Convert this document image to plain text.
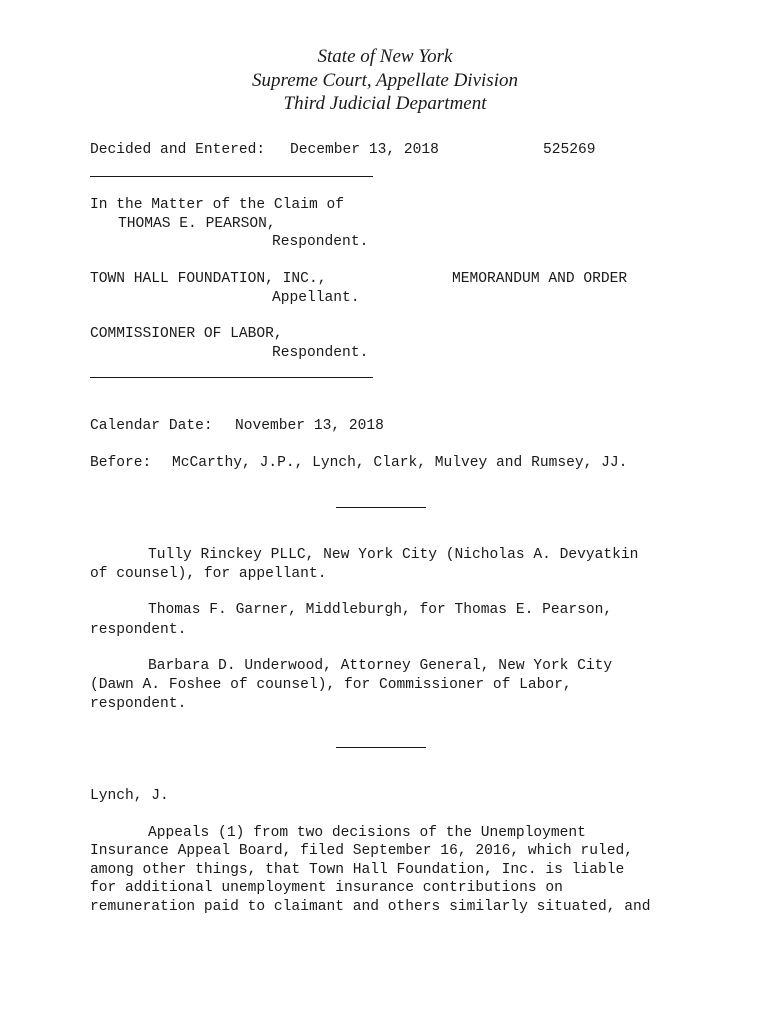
State of New York
Supreme Court, Appellate Division
Third Judicial Department
Decided and Entered: December 13, 2018	525269
In the Matter of the Claim of
THOMAS E. PEARSON,
Respondent.
TOWN HALL FOUNDATION, INC.,	MEMORANDUM AND ORDER
Appellant.
COMMISSIONER OF LABOR,
Respondent.
Calendar Date: November 13, 2018
Before: McCarthy, J.P., Lynch, Clark, Mulvey and Rumsey, JJ.
Tully Rinckey PLLC, New York City (Nicholas A. Devyatkin
of counsel), for appellant.
Thomas F. Garner, Middleburgh, for Thomas E. Pearson,
respondent.
Barbara D. Underwood, Attorney General, New York City
(Dawn A. Foshee of counsel), for Commissioner of Labor,
respondent.
Lynch, J.
Appeals (1) from two decisions of the Unemployment
Insurance Appeal Board, filed September 16, 2016, which ruled,
among other things, that Town Hall Foundation, Inc. is liable
for additional unemployment insurance contributions on
remuneration paid to claimant and others similarly situated, and
